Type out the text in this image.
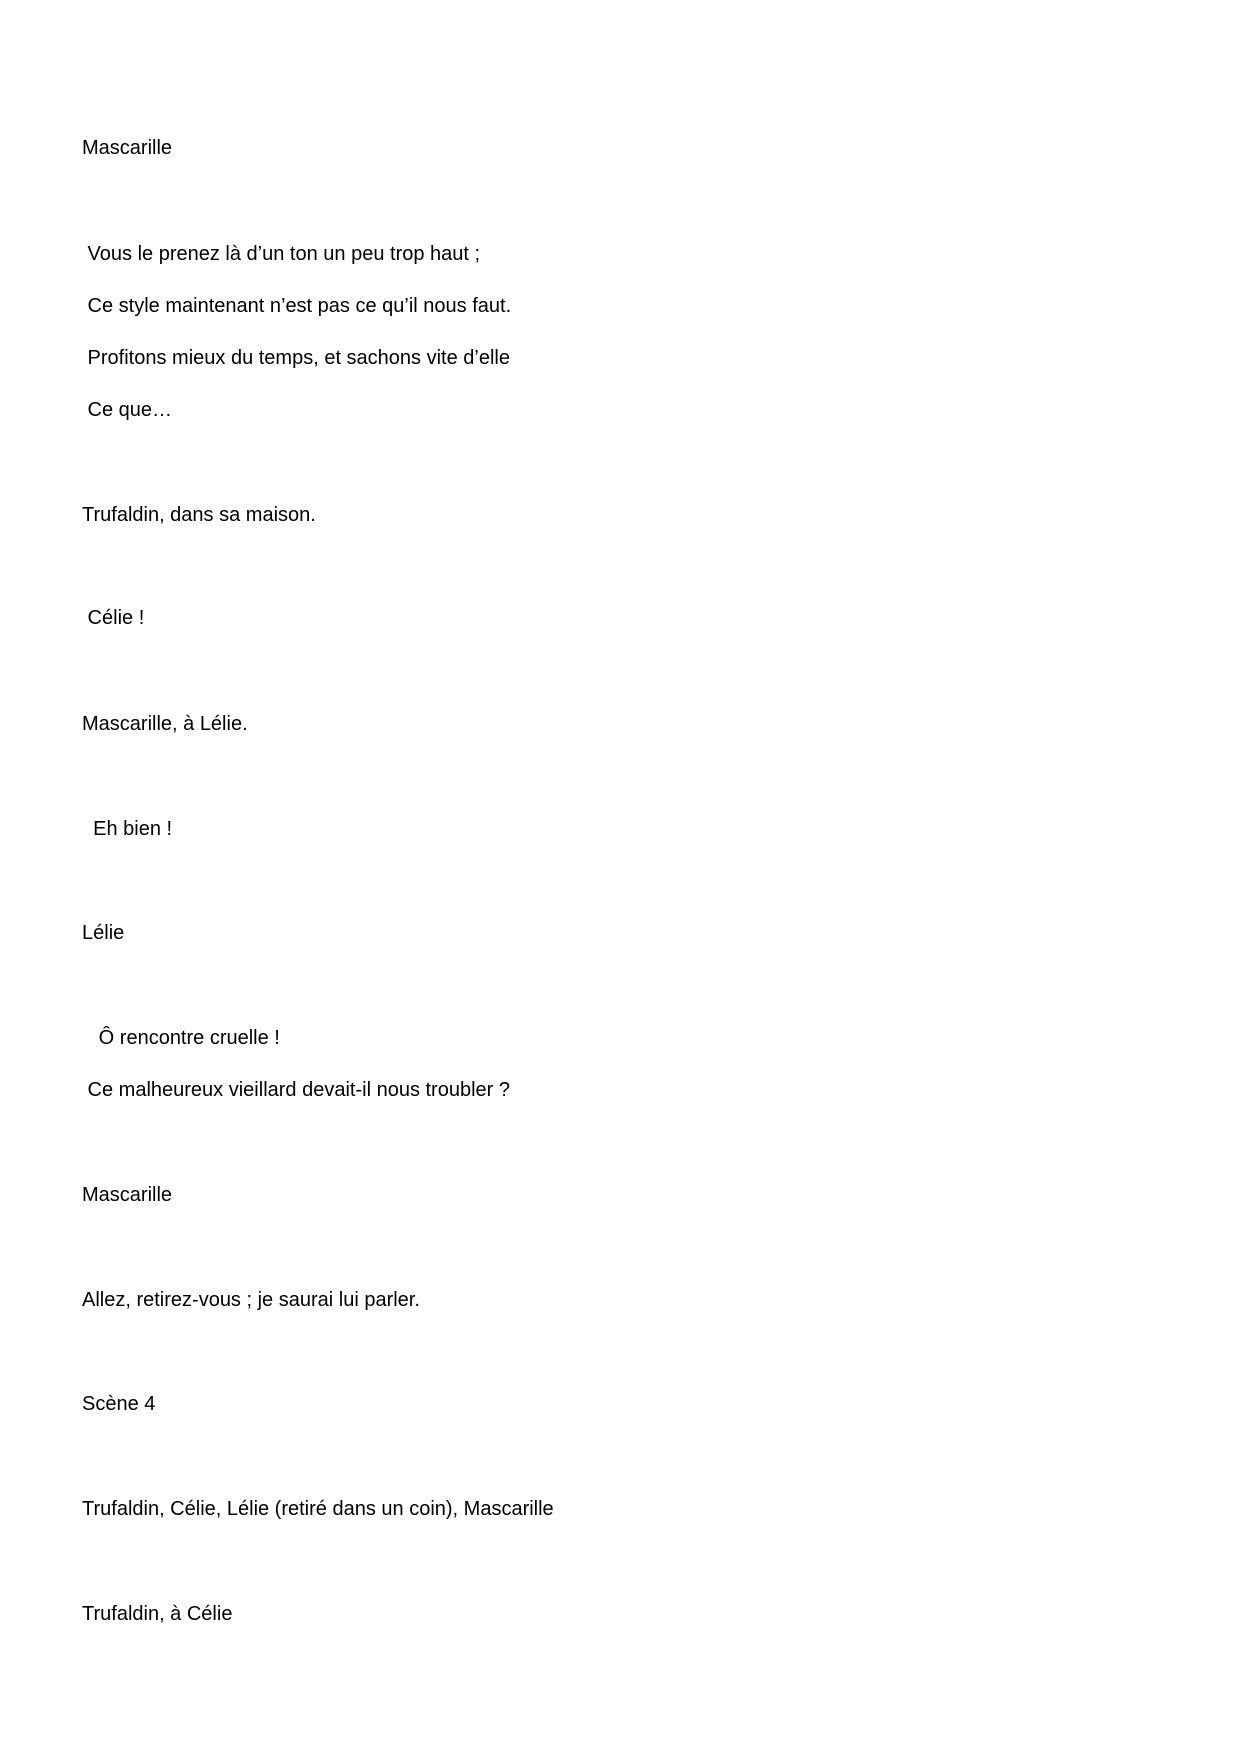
Mascarille

Vous le prenez là d’un ton un peu trop haut ;

Ce style maintenant n’est pas ce qu’il nous faut.

Profitons mieux du temps, et sachons vite d’elle

Ce que…

Trufaldin, dans sa maison.

Célie !

Mascarille, à Lélie.

Eh bien !

Lélie

Ô rencontre cruelle !

Ce malheureux vieillard devait-il nous troubler ?

Mascarille

Allez, retirez-vous ; je saurai lui parler.

Scène 4

Trufaldin, Célie, Lélie (retiré dans un coin), Mascarille

Trufaldin, à Célie
